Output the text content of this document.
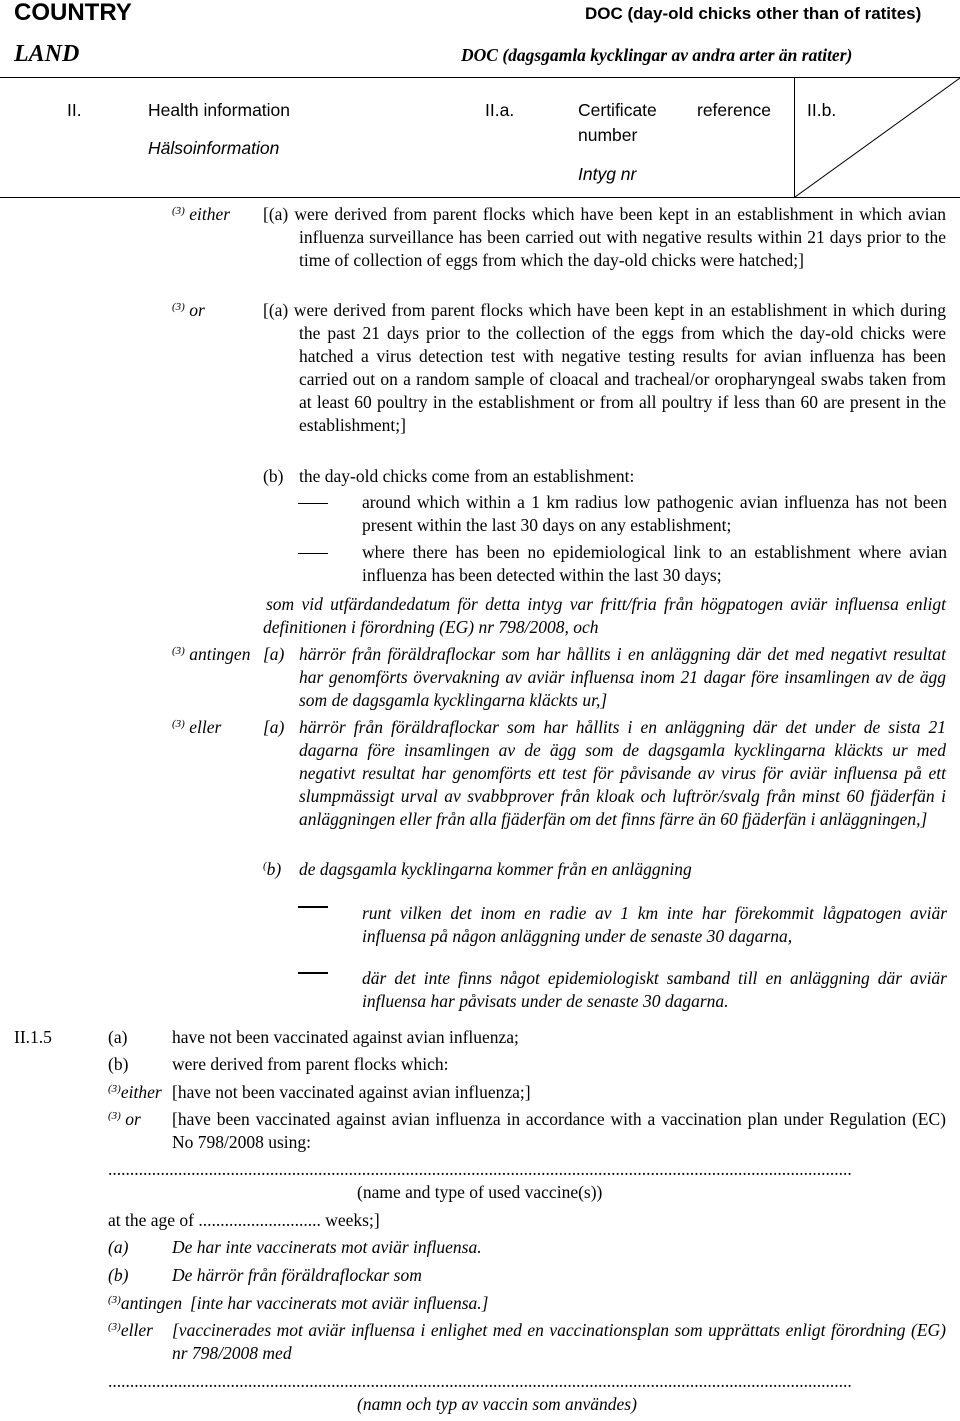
COUNTRY
LAND
DOC (day-old chicks other than of ratites)
DOC (dagsgamla kycklingar av andra arter än ratiter)
II.	Health information
Hälsoinformation
II.a.	Certificate reference
number
Intyg nr
II.b.
$^{(3)}$ either [(a) were derived from parent flocks which have been kept in an establishment in which avian influenza surveillance has been carried out with negative results within 21 days prior to the time of collection of eggs from which the day-old chicks were hatched;]
$^{(3)}$ or	[(a) were derived from parent flocks which have been kept in an establishment in which during the past 21 days prior to the collection of the eggs from which the day-old chicks were hatched a virus detection test with negative testing results for avian influenza has been carried out on a random sample of cloacal and tracheal/or oropharyngeal swabs taken from at least 60 poultry in the establishment or from all poultry if less than 60 are present in the establishment;]
(b) the day-old chicks come from an establishment:
around which within a 1 km radius low pathogenic avian influenza has not been present within the last 30 days on any establishment;
where there has been no epidemiological link to an establishment where avian influenza has been detected within the last 30 days;
som vid utfärdandedatum för detta intyg var fritt/fria från högpatogen aviär influensa enligt definitionen i förordning (EG) nr 798/2008, och
$^{(3)}$ antingen [a) härrör från föräldraflockar som har hållits i en anläggning där det med negativt resultat har genomförts övervakning av aviär influensa inom 21 dagar före insamlingen av de ägg som de dagsgamla kycklingarna kläckts ur,]
$^{(3)}$ eller [a) härrör från föräldraflockar som har hållits i en anläggning där det under de sista 21 dagarna före insamlingen av de ägg som de dagsgamla kycklingarna kläckts ur med negativt resultat har genomförts ett test för påvisande av virus för aviär influensa på ett slumpmässigt urval av svabbprover från kloak och luftrör/svalg från minst 60 fjäderfän i anläggningen eller från alla fjäderfän om det finns färre än 60 fjäderfän i anläggningen,]
(b) de dagsgamla kycklingarna kommer från en anläggning
runt vilken det inom en radie av 1 km inte har förekommit lågpatogen aviär influensa på någon anläggning under de senaste 30 dagarna,
där det inte finns något epidemiologiskt samband till en anläggning där aviär influensa har påvisats under de senaste 30 dagarna.
II.1.5	(a)	have not been vaccinated against avian influenza;
(b) were derived from parent flocks which:
$^{(3)}$either [have not been vaccinated against avian influenza;]
$^{(3)}$ or [have been vaccinated against avian influenza in accordance with a vaccination plan under Regulation (EC) No 798/2008 using:
..........................................................................................................................................................................
(name and type of used vaccine(s))
at the age of ............................ weeks;]
(a) De har inte vaccinerats mot aviär influensa.
(b) De härrör från föräldraflockar som
$^{(3)}$antingen [inte har vaccinerats mot aviär influensa.]
$^{(3)}$eller [vaccinerades mot aviär influensa i enlighet med en vaccinationsplan som upprättats enligt förordning (EG) nr 798/2008 med
..........................................................................................................................................................................
(namn och typ av vaccin som användes)
